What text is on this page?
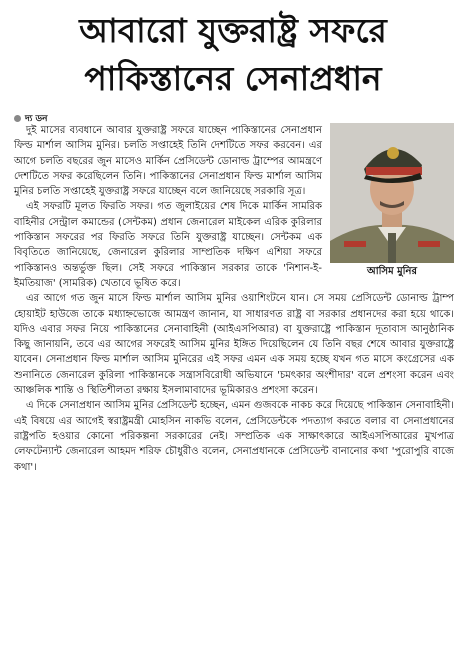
আবারো যুক্তরাষ্ট্র সফরে
পাকিস্তানের সেনাপ্রধান
দ্য ডন
আসিম মুনির

দুই মাসের ব্যবধানে আবার যুক্তরাষ্ট্র সফরে যাচ্ছেন পাকিস্তানের সেনাপ্রধান ফিল্ড মার্শাল আসিম মুনির। চলতি সপ্তাহেই তিনি দেশটিতে সফর করবেন। এর আগে চলতি বছরের জুন মাসেও মার্কিন প্রেসিডেন্ট ডোনাল্ড ট্রাম্পের আমন্ত্রণে দেশটিতে সফর করেছিলেন তিনি। পাকিস্তানের সেনাপ্রধান ফিল্ড মার্শাল আসিম মুনির চলতি সপ্তাহেই যুক্তরাষ্ট্র সফরে যাচ্ছেন বলে জানিয়েছে সরকারি সূত্র।

এই সফরটি মূলত ফিরতি সফর। গত জুলাইয়ের শেষ দিকে মার্কিন সামরিক বাহিনীর সেন্ট্রাল কমান্ডের (সেন্টকম) প্রধান জেনারেল মাইকেল এরিক কুরিলার পাকিস্তান সফরের পর ফিরতি সফরে তিনি যুক্তরাষ্ট্র যাচ্ছেন। সেন্টকম এক বিবৃতিতে জানিয়েছে, জেনারেল কুরিলার সাম্প্রতিক দক্ষিণ এশিয়া সফরে পাকিস্তানও অন্তর্ভুক্ত ছিল। সেই সফরে পাকিস্তান সরকার তাকে 'নিশান-ই-ইমতিয়াজ' (সামরিক) খেতাবে ভূষিত করে।

এর আগে গত জুন মাসে ফিল্ড মার্শাল আসিম মুনির ওয়াশিংটনে যান। সে সময় প্রেসিডেন্ট ডোনাল্ড ট্রাম্প হোয়াইট হাউজে তাকে মধ্যাহ্নভোজে আমন্ত্রণ জানান, যা সাধারণত রাষ্ট্র বা সরকার প্রধানদের করা হয়ে থাকে। যদিও এবার সফর নিয়ে পাকিস্তানের সেনাবাহিনী (আইএসপিআর) বা যুক্তরাষ্ট্রে পাকিস্তান দূতাবাস আনুষ্ঠানিক কিছু জানায়নি, তবে এর আগের সফরেই আসিম মুনির ইঙ্গিত দিয়েছিলেন যে তিনি বছর শেষে আবার যুক্তরাষ্ট্রে যাবেন। সেনাপ্রধান ফিল্ড মার্শাল আসিম মুনিরের এই সফর এমন এক সময় হচ্ছে যখন গত মাসে কংগ্রেসের এক শুনানিতে জেনারেল কুরিলা পাকিস্তানকে সন্ত্রাসবিরোধী অভিযানে 'চমৎকার অংশীদার' বলে প্রশংসা করেন এবং আঞ্চলিক শান্তি ও স্থিতিশীলতা রক্ষায় ইসলামাবাদের ভূমিকারও প্রশংসা করেন।

এ দিকে সেনাপ্রধান আসিম মুনির প্রেসিডেন্ট হচ্ছেন, এমন গুজবকে নাকচ করে দিয়েছে পাকিস্তান সেনাবাহিনী। এই বিষয়ে এর আগেই স্বরাষ্ট্রমন্ত্রী মোহসিন নাকভি বলেন, প্রেসিডেন্টকে পদত্যাগ করতে বলার বা সেনাপ্রধানের রাষ্ট্রপতি হওয়ার কোনো পরিকল্পনা সরকারের নেই। সম্প্রতিক এক সাক্ষাৎকারে আইএসপিআরের মুখপাত্র লেফটেন্যান্ট জেনারেল আহমদ শরিফ চৌধুরীও বলেন, সেনাপ্রধানকে প্রেসিডেন্ট বানানোর কথা 'পুরোপুরি বাজে কথা'।
